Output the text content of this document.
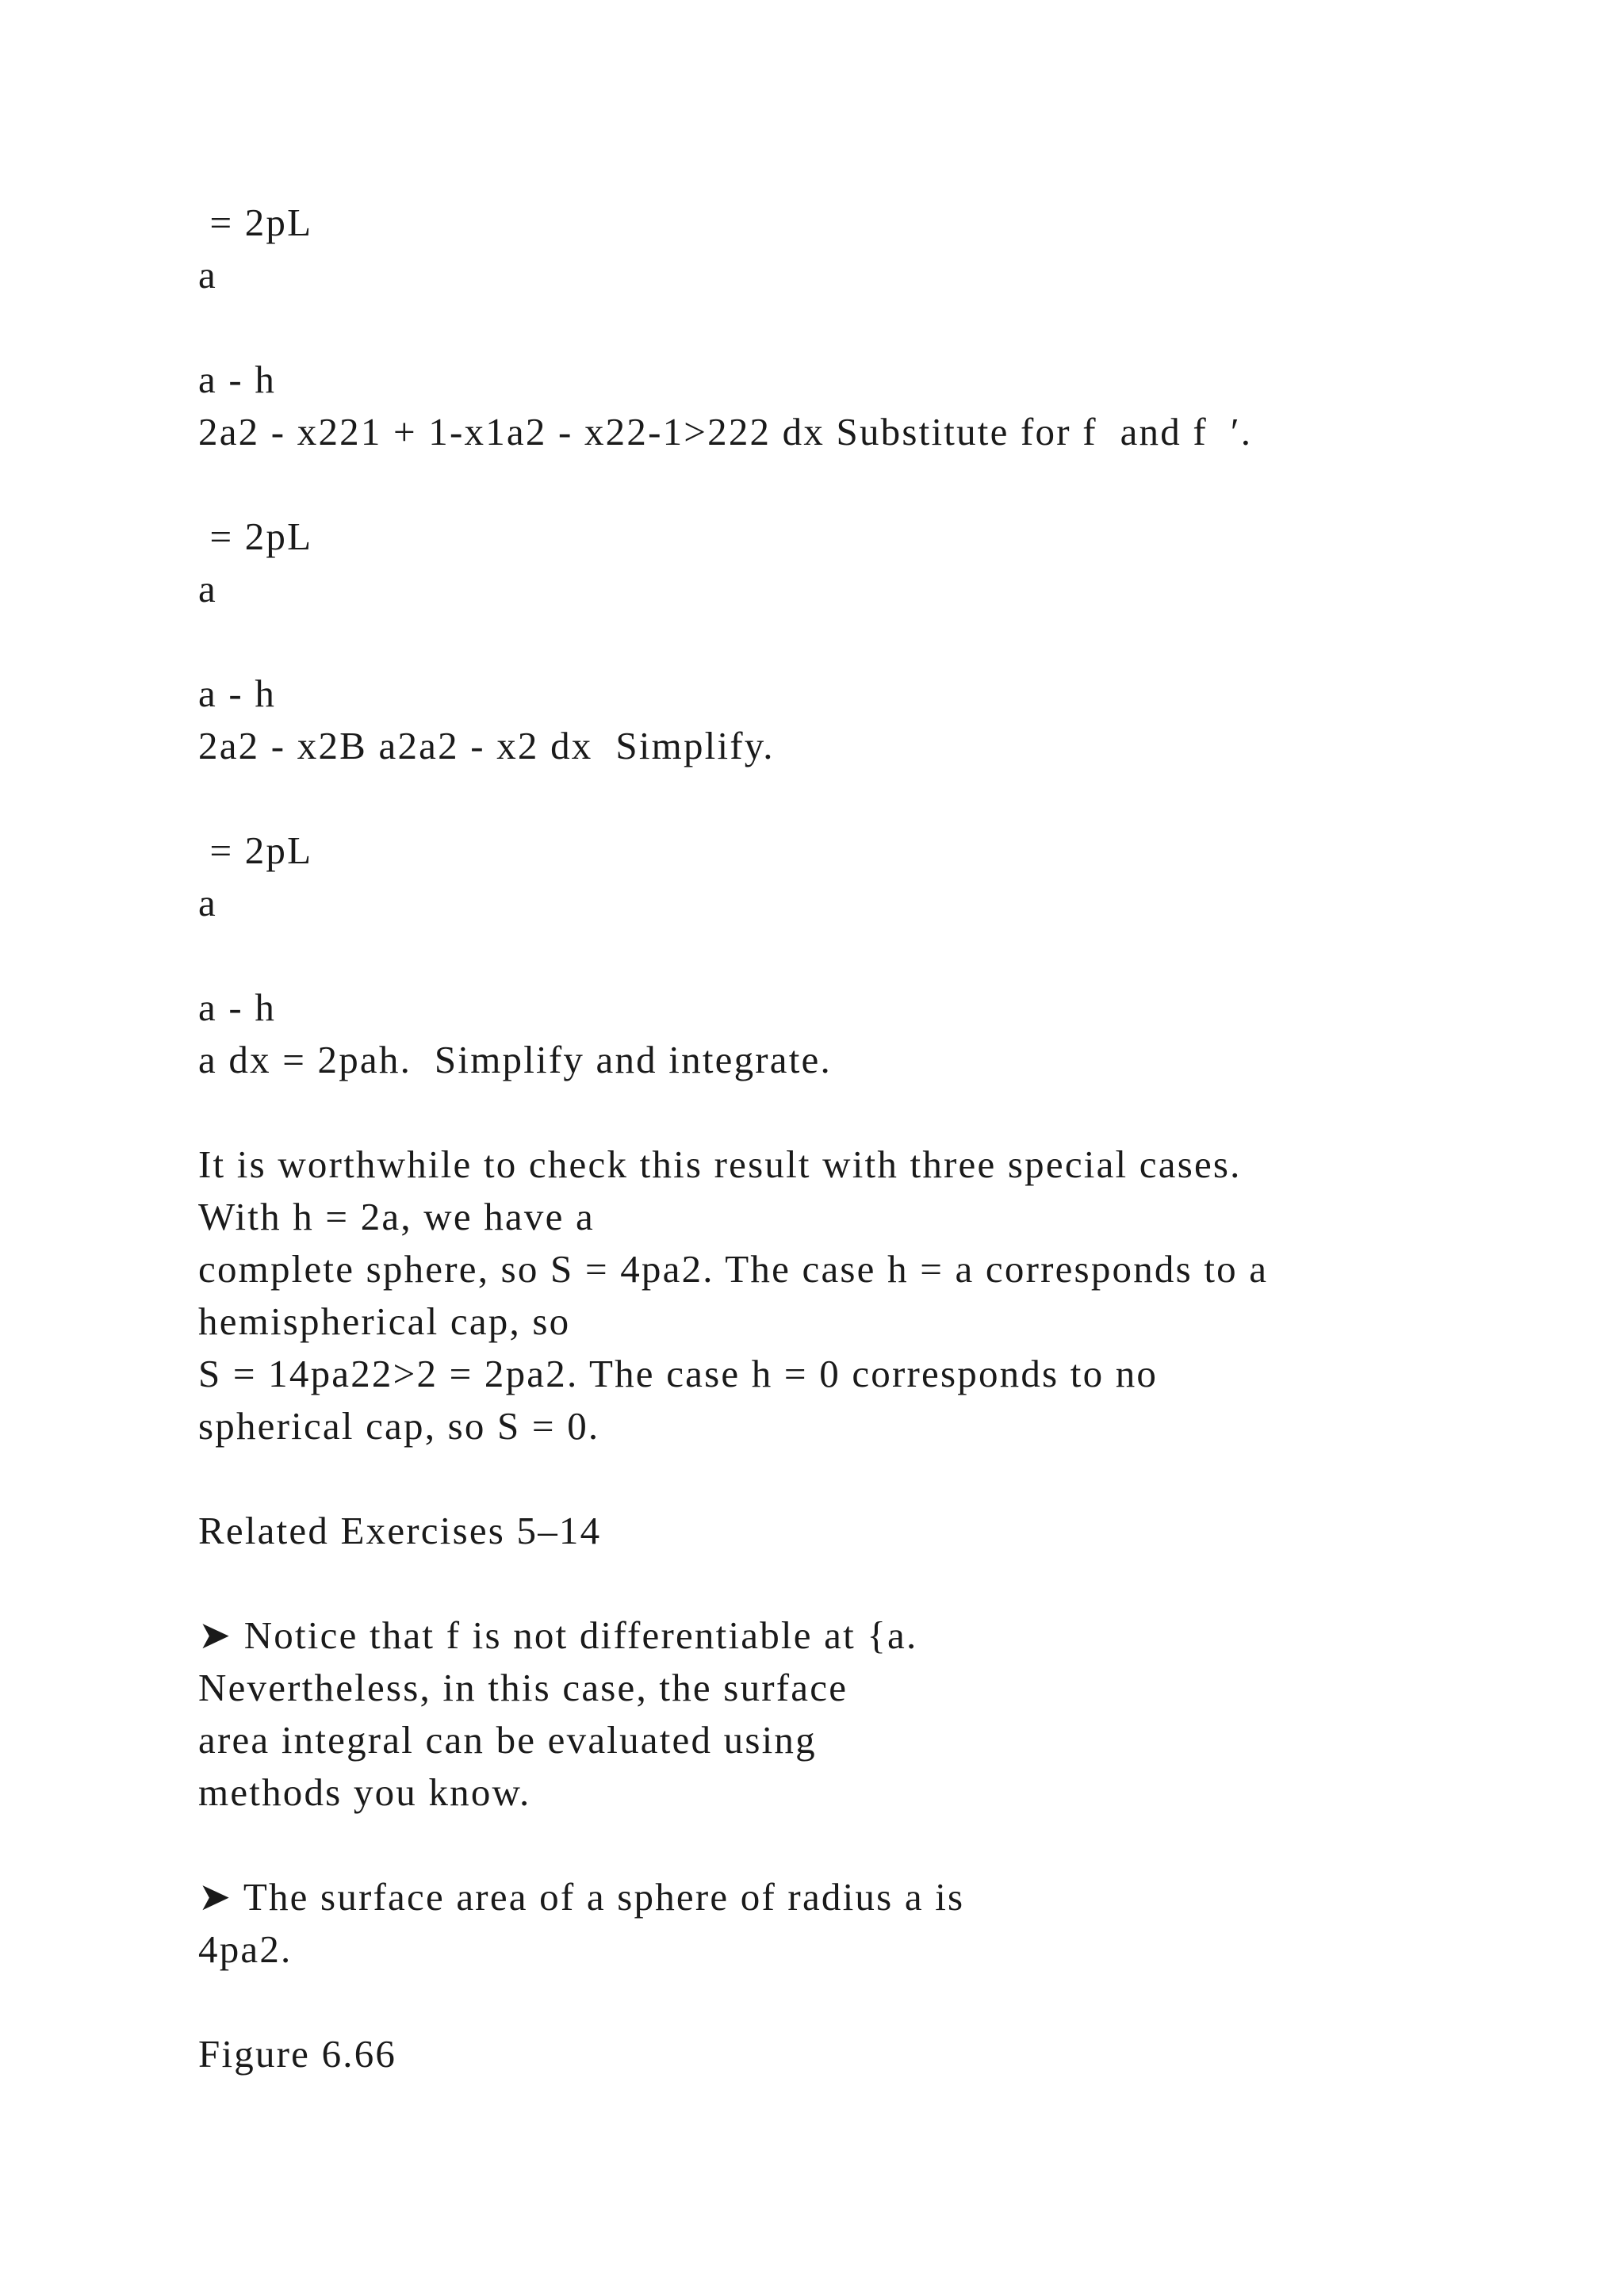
= 2pL
a
a - h
2a2 - x221 + 1-x1a2 - x22-1>222 dx Substitute for f  and f  ′.
= 2pL
a
a - h
2a2 - x2B a2a2 - x2 dx  Simplify.
= 2pL
a
a - h
a dx = 2pah.  Simplify and integrate.
It is worthwhile to check this result with three special cases.
With h = 2a, we have a
complete sphere, so S = 4pa2. The case h = a corresponds to a
hemispherical cap, so
S = 14pa22>2 = 2pa2. The case h = 0 corresponds to no
spherical cap, so S = 0.
Related Exercises 5–14
➤ Notice that f is not differentiable at {a.
Nevertheless, in this case, the surface
area integral can be evaluated using
methods you know.
➤ The surface area of a sphere of radius a is
4pa2.
Figure 6.66
